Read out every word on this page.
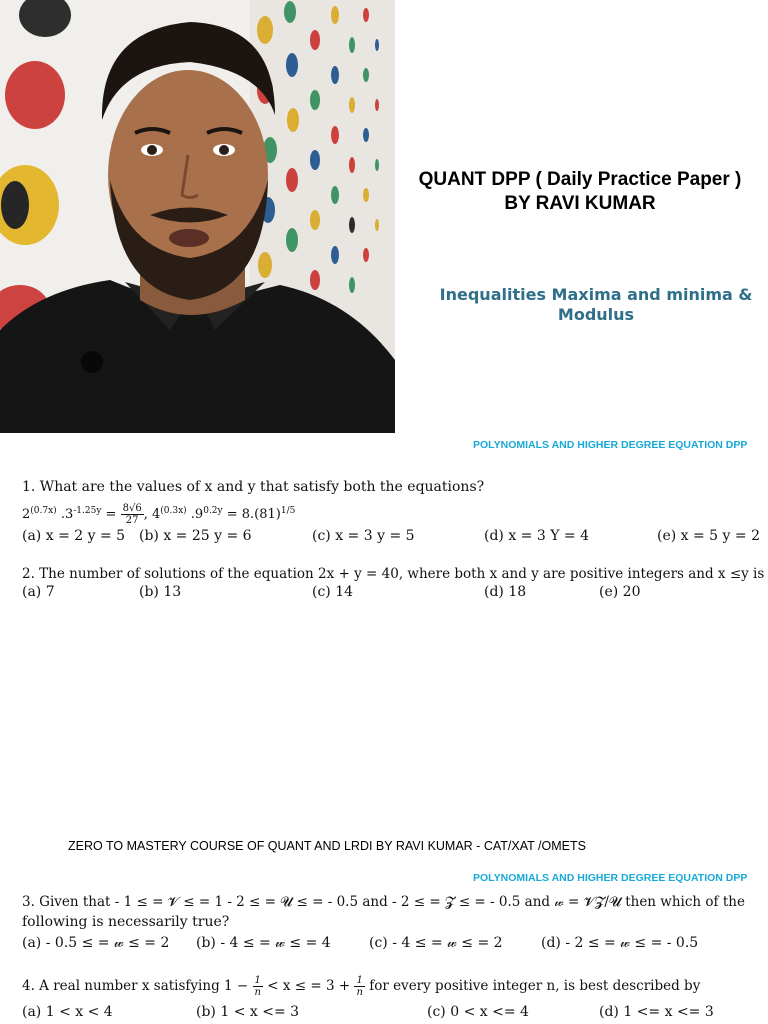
QUANT DPP ( Daily Practice Paper )
BY RAVI KUMAR
Inequalities Maxima and minima &
Modulus
POLYNOMIALS AND HIGHER DEGREE EQUATION DPP
1. What are the values of x and y that satisfy both the equations?
$2^{(0.7x)}$ $.3^{-1.25y} = \frac{8√6}{27}$ , $4^{(0.3x)}$ $.9^{0.2y} = 8.(81)^{1/5}$
(a) x = 2 y = 5 (b) x = 25 y = 6	(c) x = 3 y = 5	(d) x = 3 Y = 4	(e) x = 5 y = 2
2. The number of solutions of the equation 2x + y = 40, where both x and y are positive integers and x ≤y is
(a) 7	(b) 13	(c) 14	(d) 18	(e) 20
ZERO TO MASTERY COURSE OF QUANT AND LRDI BY RAVI KUMAR - CAT/XAT /OMETS
POLYNOMIALS AND HIGHER DEGREE EQUATION DPP
3. Given that - 1 ≤ = 𝓥 ≤ = 1 - 2 ≤ = 𝓤 ≤ = - 0.5 and - 2 ≤ = 𝓩 ≤ = - 0.5 and 𝓌 = 𝓥𝓩/𝓤 then which of the
following is necessarily true?
(a) - 0.5 ≤ = 𝓌 ≤ = 2 (b) - 4 ≤ = 𝓌 ≤ = 4	(c) - 4 ≤ = 𝓌 ≤ = 2	(d) - 2 ≤ = 𝓌 ≤ = - 0.5
4. A real number x satisfying $1 - \frac{1}{n} < x$ ≤ = $3 + \frac{1}{n}$ for every positive integer n, is best described by
(a) 1 < x < 4	(b) 1 < x <= 3	(c) 0 < x <= 4	(d) 1 <= x <= 3
